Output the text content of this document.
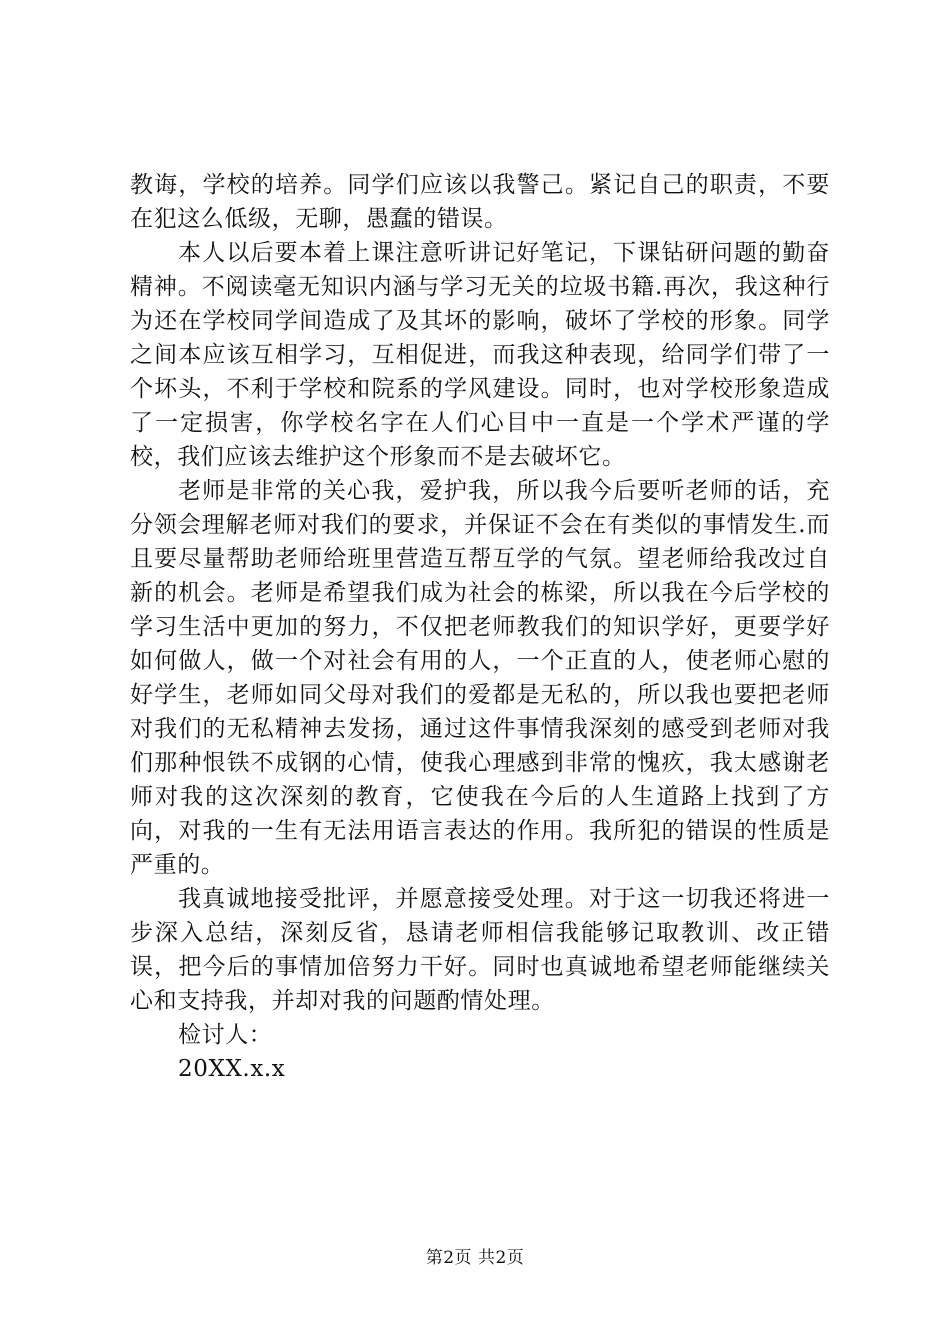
教诲，学校的培养。同学们应该以我警己。紧记自己的职责，不要在犯这么低级，无聊，愚蠢的错误。

本人以后要本着上课注意听讲记好笔记，下课钻研问题的勤奋精神。不阅读毫无知识内涵与学习无关的垃圾书籍.再次，我这种行为还在学校同学间造成了及其坏的影响，破坏了学校的形象。同学之间本应该互相学习，互相促进，而我这种表现，给同学们带了一个坏头，不利于学校和院系的学风建设。同时，也对学校形象造成了一定损害，你学校名字在人们心目中一直是一个学术严谨的学校，我们应该去维护这个形象而不是去破坏它。

老师是非常的关心我，爱护我，所以我今后要听老师的话，充分领会理解老师对我们的要求，并保证不会在有类似的事情发生.而且要尽量帮助老师给班里营造互帮互学的气氛。望老师给我改过自新的机会。老师是希望我们成为社会的栋梁，所以我在今后学校的学习生活中更加的努力，不仅把老师教我们的知识学好，更要学好如何做人，做一个对社会有用的人，一个正直的人，使老师心慰的好学生，老师如同父母对我们的爱都是无私的，所以我也要把老师对我们的无私精神去发扬，通过这件事情我深刻的感受到老师对我们那种恨铁不成钢的心情，使我心理感到非常的愧疚，我太感谢老师对我的这次深刻的教育，它使我在今后的人生道路上找到了方向，对我的一生有无法用语言表达的作用。我所犯的错误的性质是严重的。

我真诚地接受批评，并愿意接受处理。对于这一切我还将进一步深入总结，深刻反省，恳请老师相信我能够记取教训、改正错误，把今后的事情加倍努力干好。同时也真诚地希望老师能继续关心和支持我，并却对我的问题酌情处理。

检讨人：

20XX.x.x

第2页 共2页
